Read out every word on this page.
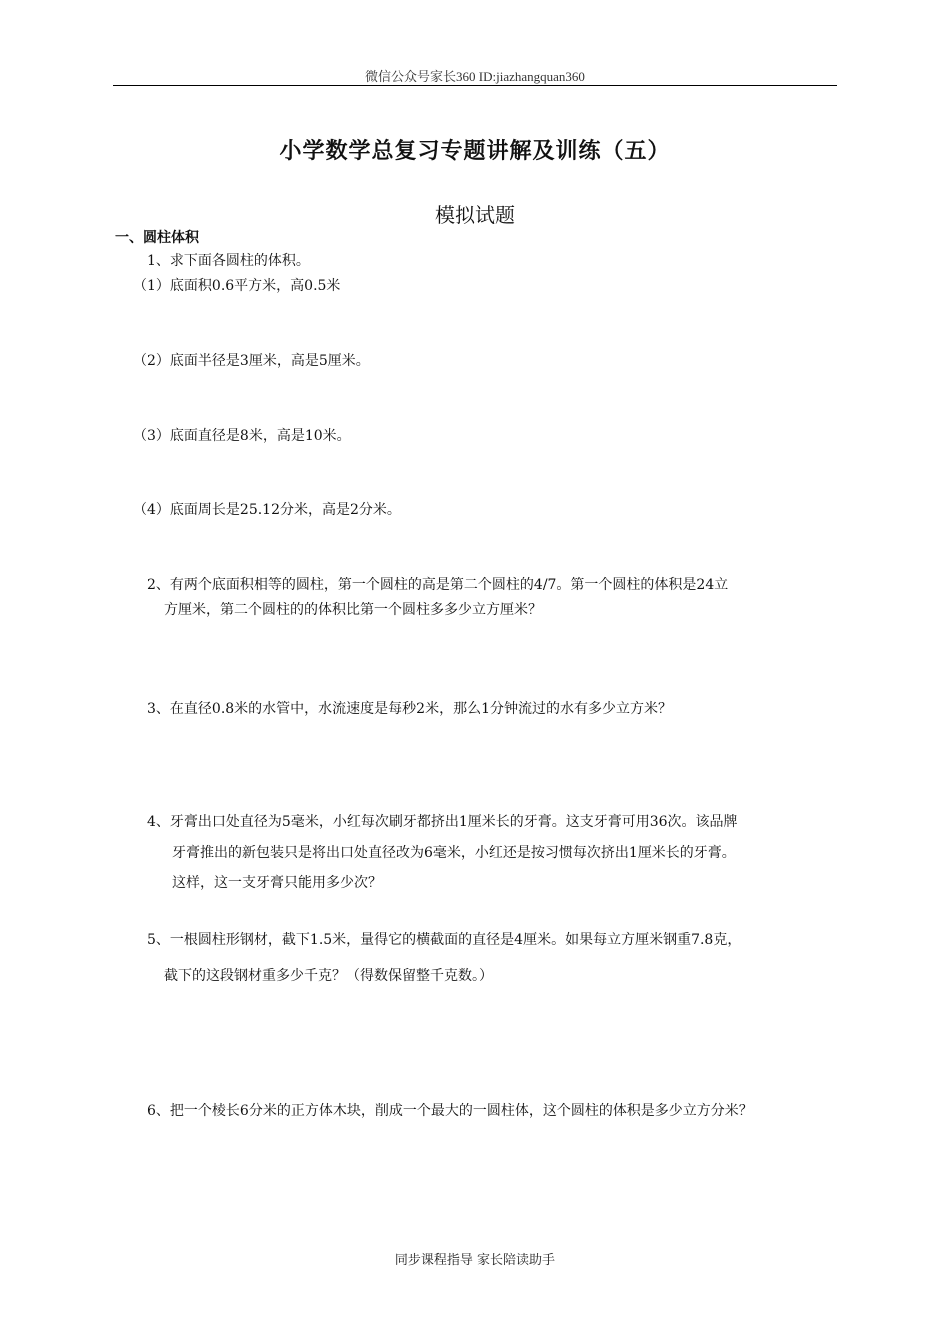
微信公众号家长360 ID:jiazhangquan360
小学数学总复习专题讲解及训练（五）
模拟试题
一、圆柱体积
1、求下面各圆柱的体积。
（1）底面积0.6平方米，高0.5米
（2）底面半径是3厘米，高是5厘米。
（3）底面直径是8米，高是10米。
（4）底面周长是25.12分米，高是2分米。
2、有两个底面积相等的圆柱，第一个圆柱的高是第二个圆柱的4/7。第一个圆柱的体积是24立
方厘米，第二个圆柱的的体积比第一个圆柱多多少立方厘米？
3、在直径0.8米的水管中，水流速度是每秒2米，那么1分钟流过的水有多少立方米？
4、牙膏出口处直径为5毫米，小红每次刷牙都挤出1厘米长的牙膏。这支牙膏可用36次。该品牌
牙膏推出的新包装只是将出口处直径改为6毫米，小红还是按习惯每次挤出1厘米长的牙膏。
这样，这一支牙膏只能用多少次？
5、一根圆柱形钢材，截下1.5米，量得它的横截面的直径是4厘米。如果每立方厘米钢重7.8克，
截下的这段钢材重多少千克？（得数保留整千克数。）
6、把一个棱长6分米的正方体木块，削成一个最大的一圆柱体，这个圆柱的体积是多少立方分米？
同步课程指导 家长陪读助手
